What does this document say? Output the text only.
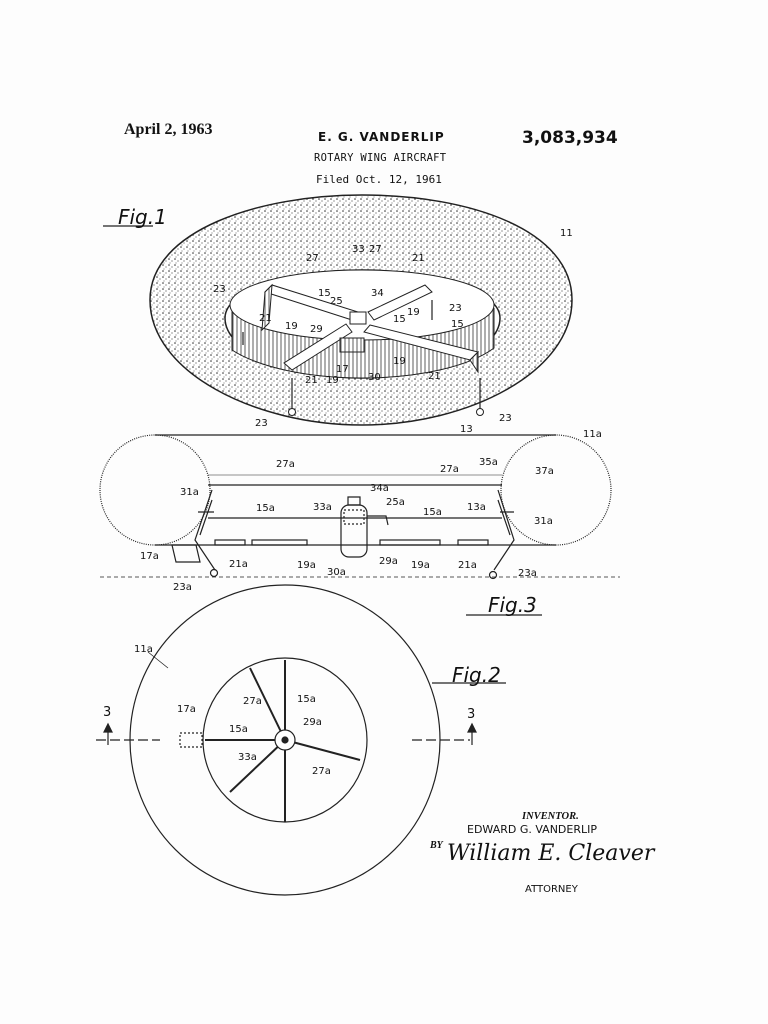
April 2, 1963	E. G. VANDERLIP	3,083,934
ROTARY WING AIRCRAFT
Filed Oct. 12, 1961
33 27
27	21
11
23	15
25
34
23
21
29
15
19
19
15
17
30
19
21 19	21
23	23
13	11a
27a	27a
35a
37a
34a
31a
15a	33a	25a
15a	13a
31a
17a
21a	19a	29a 19a	21a
23a
30a
23a
11a
27a	15a
17a
15a
29a
33a
27a
3	3
Fig.1
Fig.2
Fig.3
INVENTOR.
EDWARD G. VANDERLIP
BY William E. Cleaver
ATTORNEY
